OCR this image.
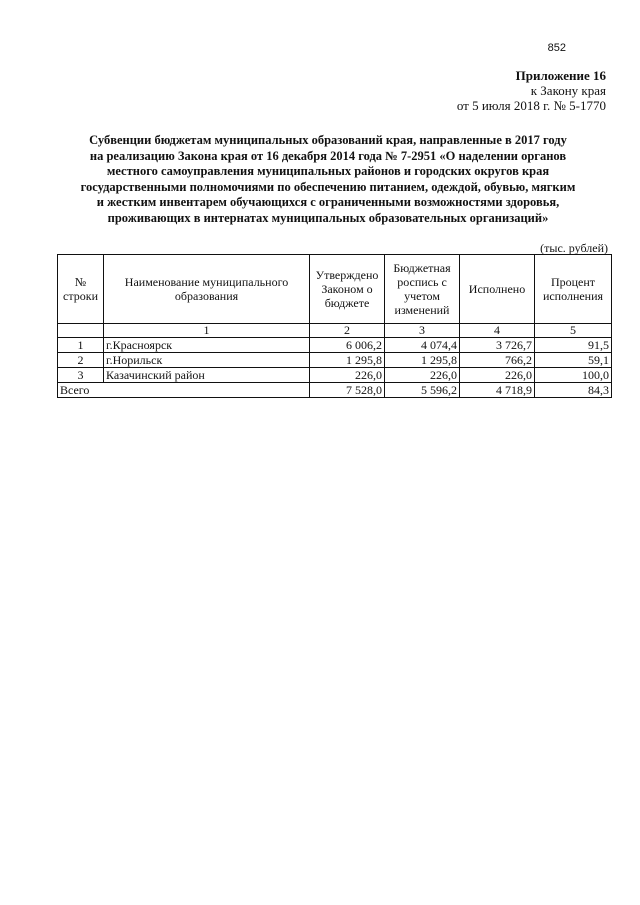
852
Приложение 16
к Закону края
от 5 июля 2018 г. № 5-1770
Субвенции бюджетам муниципальных образований края, направленные в 2017 году
на реализацию Закона края от 16 декабря 2014 года № 7-2951 «О наделении органов
местного самоуправления муниципальных районов и городских округов края
государственными полномочиями по обеспечению питанием, одеждой, обувью, мягким
и жестким инвентарем обучающихся с ограниченными возможностями здоровья,
проживающих в интернатах муниципальных образовательных организаций»
(тыс. рублей)
№ строки	Наименование муниципального образования	Утверждено Законом о бюджете	Бюджетная роспись с учетом изменений	Исполнено	Процент исполнения
	1	2	3	4	5
1	г.Красноярск	6 006,2	4 074,4	3 726,7	91,5
2	г.Норильск	1 295,8	1 295,8	766,2	59,1
3	Казачинский район	226,0	226,0	226,0	100,0
Всего		7 528,0	5 596,2	4 718,9	84,3
